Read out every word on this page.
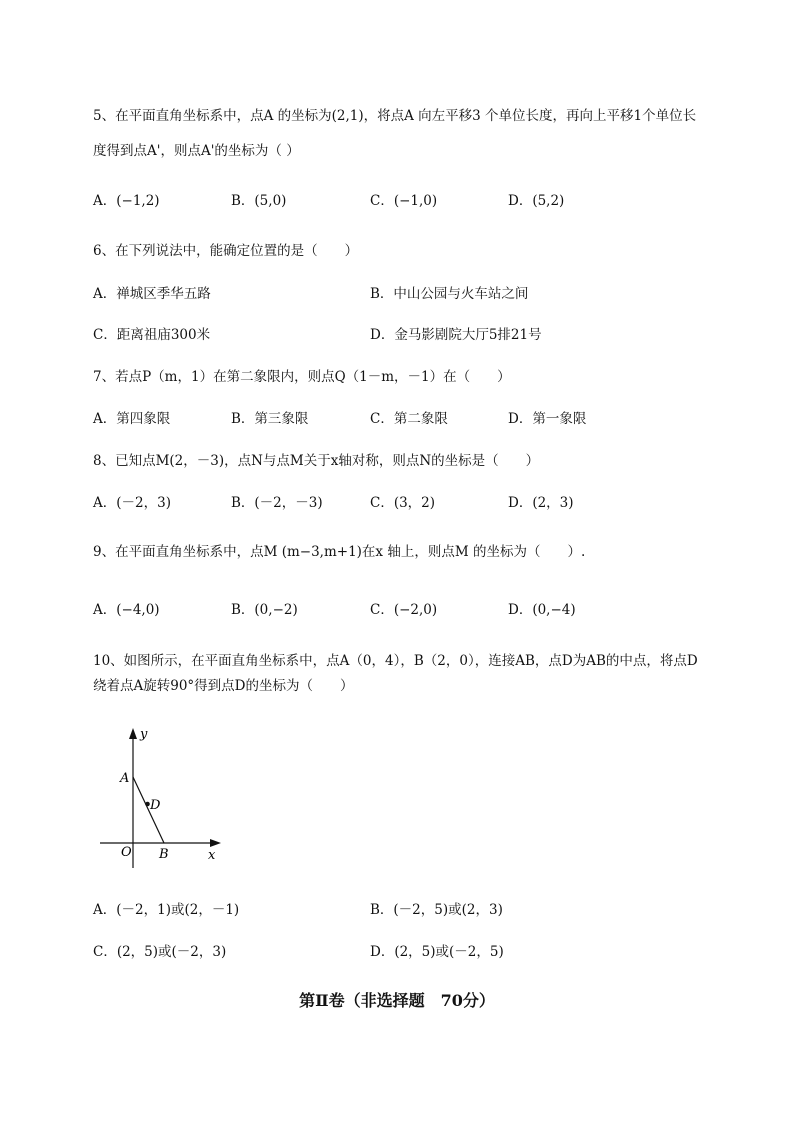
5、在平面直角坐标系中，点A 的坐标为(2,1)，将点A 向左平移3 个单位长度，再向上平移1个单位长
度得到点A'，则点A'的坐标为（ ）
A．(−1,2)	B．(5,0)	C．(−1,0)	D．(5,2)
6、在下列说法中，能确定位置的是（　　）
A．禅城区季华五路	B．中山公园与火车站之间
C．距离祖庙300米	D．金马影剧院大厅5排21号
7、若点P（m，1）在第二象限内，则点Q（1－m，－1）在（　　）
A．第四象限	B．第三象限	C．第二象限	D．第一象限
8、已知点M(2，－3)，点N与点M关于x轴对称，则点N的坐标是（　　）
A．(－2，3)	B．(－2，－3)	C．(3，2)	D．(2，3)
9、在平面直角坐标系中，点M (m−3,m+1)在x 轴上，则点M 的坐标为（　　）.
A．(−4,0)	B．(0,−2)	C．(−2,0)	D．(0,−4)
10、如图所示，在平面直角坐标系中，点A（0，4），B（2，0），连接AB，点D为AB的中点，将点D
绕着点A旋转90°得到点D的坐标为（　　）
y
A
D
O B	x
A．(－2，1)或(2，－1)	B．(－2，5)或(2，3)
C．(2，5)或(－2，3)	D．(2，5)或(－2，5)
第Ⅱ卷（非选择题　70分）
